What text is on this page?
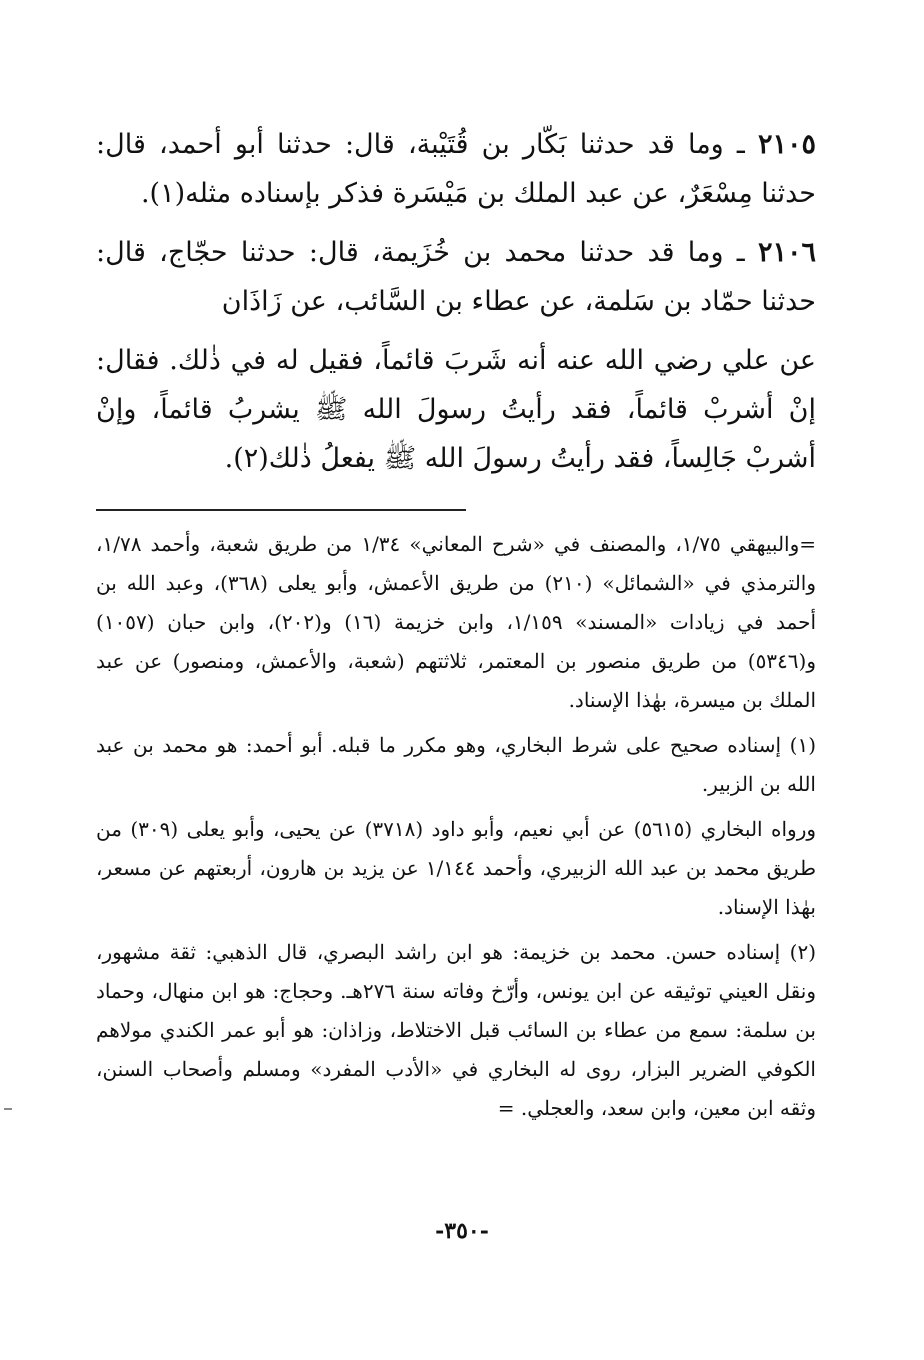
٢١٠٥ ـ وما قد حدثنا بَكّار بن قُتَيْبة، قال: حدثنا أبو أحمد، قال: حدثنا مِسْعَرٌ، عن عبد الملك بن مَيْسَرة فذكر بإسناده مثله(١).

٢١٠٦ ـ وما قد حدثنا محمد بن خُزَيمة، قال: حدثنا حجّاج، قال: حدثنا حمّاد بن سَلمة، عن عطاء بن السَّائب، عن زَاذَان

عن علي رضي الله عنه أنه شَربَ قائماً، فقيل له في ذٰلك. فقال: إنْ أشربْ قائماً، فقد رأيتُ رسولَ الله ﷺ يشربُ قائماً، وإنْ أشربْ جَالِساً، فقد رأيتُ رسولَ الله ﷺ يفعلُ ذٰلك(٢).

=والبيهقي ١/٧٥، والمصنف في «شرح المعاني» ١/٣٤ من طريق شعبة، وأحمد ١/٧٨، والترمذي في «الشمائل» (٢١٠) من طريق الأعمش، وأبو يعلى (٣٦٨)، وعبد الله بن أحمد في زيادات «المسند» ١/١٥٩، وابن خزيمة (١٦) و(٢٠٢)، وابن حبان (١٠٥٧) و(٥٣٤٦) من طريق منصور بن المعتمر، ثلاثتهم (شعبة، والأعمش، ومنصور) عن عبد الملك بن ميسرة، بهٰذا الإسناد.

(١) إسناده صحيح على شرط البخاري، وهو مكرر ما قبله. أبو أحمد: هو محمد بن عبد الله بن الزبير.

ورواه البخاري (٥٦١٥) عن أبي نعيم، وأبو داود (٣٧١٨) عن يحيى، وأبو يعلى (٣٠٩) من طريق محمد بن عبد الله الزبيري، وأحمد ١/١٤٤ عن يزيد بن هارون، أربعتهم عن مسعر، بهٰذا الإسناد.

(٢) إسناده حسن. محمد بن خزيمة: هو ابن راشد البصري، قال الذهبي: ثقة مشهور، ونقل العيني توثيقه عن ابن يونس، وأرّخ وفاته سنة ٢٧٦هـ. وحجاج: هو ابن منهال، وحماد بن سلمة: سمع من عطاء بن السائب قبل الاختلاط، وزاذان: هو أبو عمر الكندي مولاهم الكوفي الضرير البزار، روى له البخاري في «الأدب المفرد» ومسلم وأصحاب السنن، وثقه ابن معين، وابن سعد، والعجلي. =

-٣٥٠-
